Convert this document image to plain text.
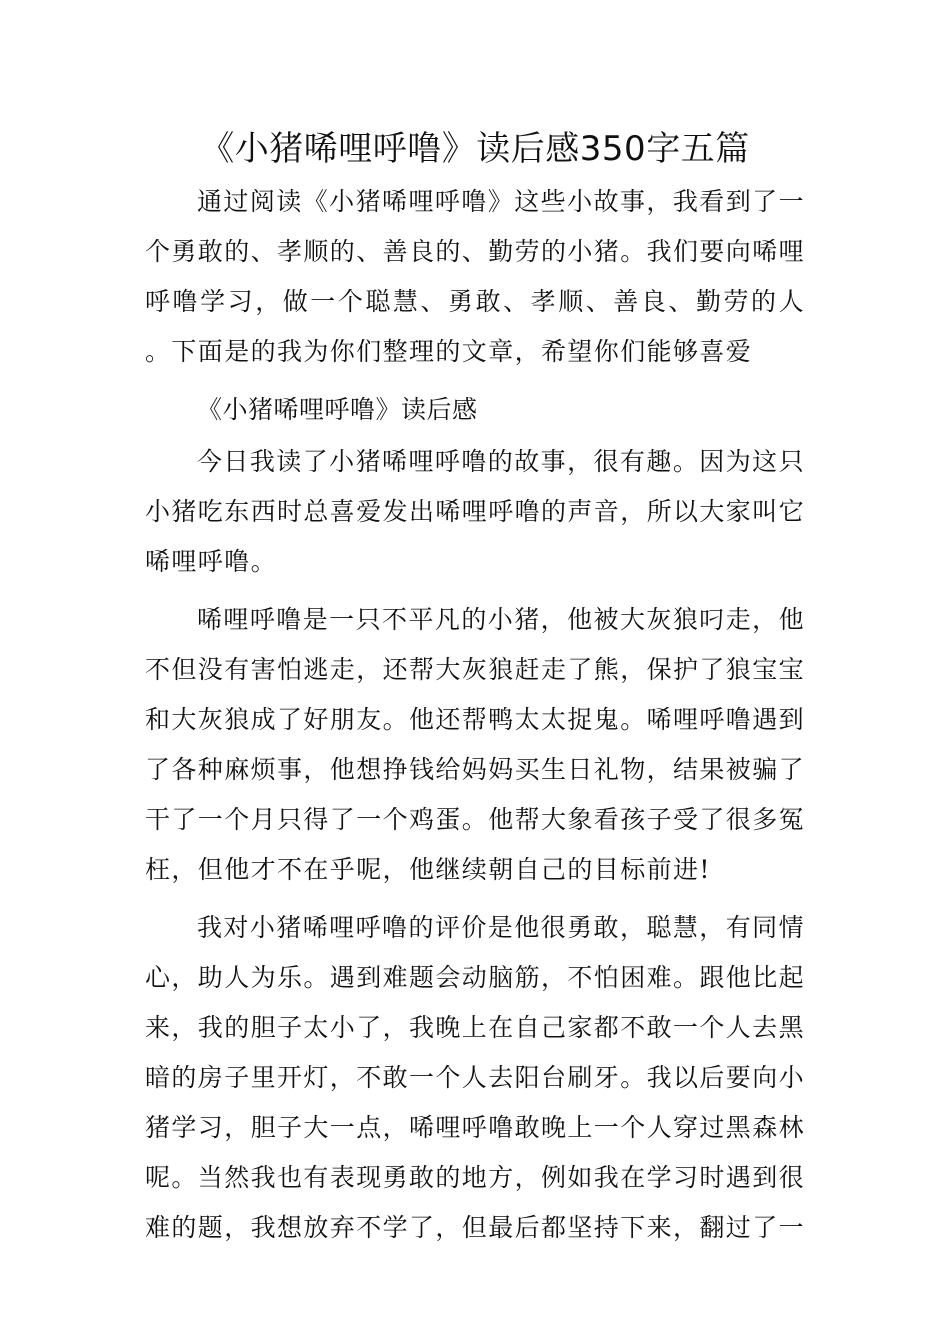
《小猪唏哩呼噜》读后感350字五篇

通过阅读《小猪唏哩呼噜》这些小故事，我看到了一个勇敢的、孝顺的、善良的、勤劳的小猪。我们要向唏哩呼噜学习，做一个聪慧、勇敢、孝顺、善良、勤劳的人 。下面是的我为你们整理的文章，希望你们能够喜爱

《小猪唏哩呼噜》读后感

今日我读了小猪唏哩呼噜的故事，很有趣。因为这只小猪吃东西时总喜爱发出唏哩呼噜的声音，所以大家叫它唏哩呼噜。

唏哩呼噜是一只不平凡的小猪，他被大灰狼叼走，他不但没有害怕逃走，还帮大灰狼赶走了熊，保护了狼宝宝和大灰狼成了好朋友。他还帮鸭太太捉鬼。唏哩呼噜遇到了各种麻烦事，他想挣钱给妈妈买生日礼物，结果被骗了干了一个月只得了一个鸡蛋。他帮大象看孩子受了很多冤枉，但他才不在乎呢，他继续朝自己的目标前进!

我对小猪唏哩呼噜的评价是他很勇敢，聪慧，有同情心，助人为乐。遇到难题会动脑筋，不怕困难。跟他比起来，我的胆子太小了，我晚上在自己家都不敢一个人去黑暗的房子里开灯，不敢一个人去阳台刷牙。我以后要向小猪学习，胆子大一点，唏哩呼噜敢晚上一个人穿过黑森林呢。当然我也有表现勇敢的地方，例如我在学习时遇到很难的题，我想放弃不学了，但最后都坚持下来，翻过了一
